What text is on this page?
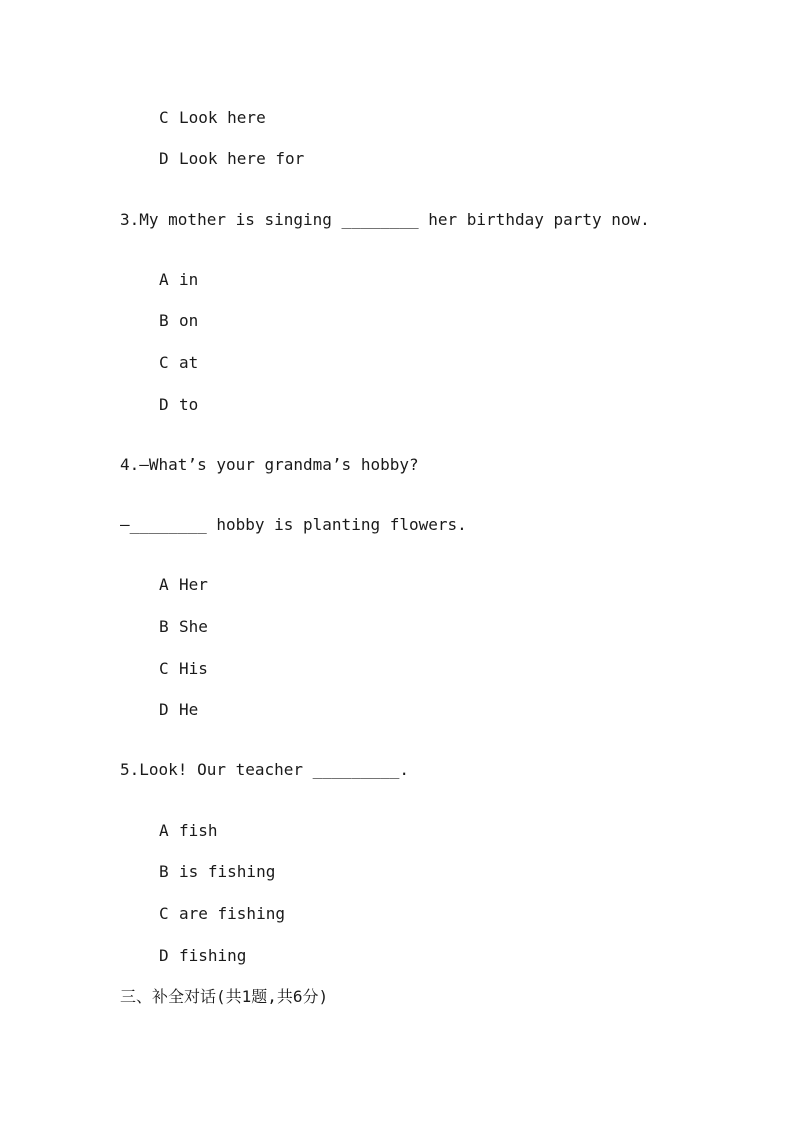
C Look here

D Look here for

3.My mother is singing ________ her birthday party now.

A in

B on

C at

D to

4.—What’s your grandma’s hobby?

—________ hobby is planting flowers.

A Her

B She

C His

D He

5.Look! Our teacher _________.

A fish

B is fishing

C are fishing

D fishing

三、补全对话(共1题,共6分)
